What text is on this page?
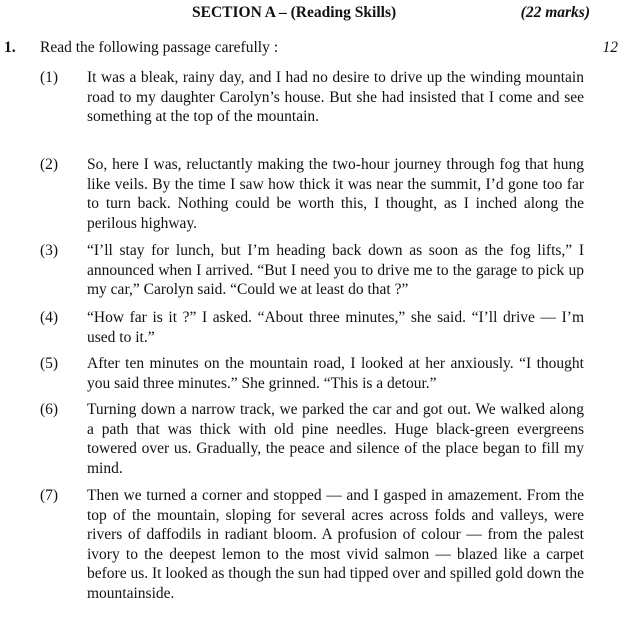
SECTION A – (Reading Skills)	(22 marks)
1. Read the following passage carefully :	12
(1) It was a bleak, rainy day, and I had no desire to drive up the winding mountain road to my daughter Carolyn’s house. But she had insisted that I come and see something at the top of the mountain.

(2) So, here I was, reluctantly making the two-hour journey through fog that hung like veils. By the time I saw how thick it was near the summit, I’d gone too far to turn back. Nothing could be worth this, I thought, as I inched along the perilous highway.

(3) “I’ll stay for lunch, but I’m heading back down as soon as the fog lifts,” I announced when I arrived. “But I need you to drive me to the garage to pick up my car,” Carolyn said. “Could we at least do that ?”

(4) “How far is it ?” I asked. “About three minutes,” she said. “I’ll drive — I’m used to it.”

(5) After ten minutes on the mountain road, I looked at her anxiously. “I thought you said three minutes.” She grinned. “This is a detour.”

(6) Turning down a narrow track, we parked the car and got out. We walked along a path that was thick with old pine needles. Huge black-green evergreens towered over us. Gradually, the peace and silence of the place began to fill my mind.

(7) Then we turned a corner and stopped — and I gasped in amazement. From the top of the mountain, sloping for several acres across folds and valleys, were rivers of daffodils in radiant bloom. A profusion of colour — from the palest ivory to the deepest lemon to the most vivid salmon — blazed like a carpet before us. It looked as though the sun had tipped over and spilled gold down the mountainside.
